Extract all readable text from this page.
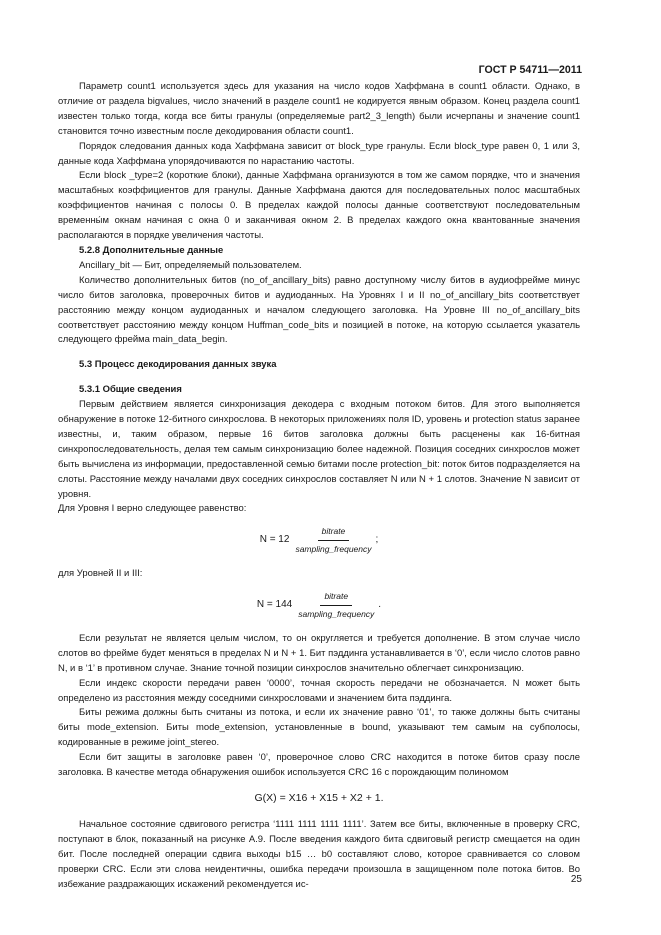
ГОСТ Р 54711—2011

Параметр count1 используется здесь для указания на число кодов Хаффмана в count1 области. Однако, в отличие от раздела bigvalues, число значений в разделе count1 не кодируется явным образом. Конец раздела count1 известен только тогда, когда все биты гранулы (определяемые part2_3_length) были исчерпаны и значение count1 становится точно известным после декодирования области count1.

Порядок следования данных кода Хаффмана зависит от block_type гранулы. Если block_type равен 0, 1 или 3, данные кода Хаффмана упорядочиваются по нарастанию частоты.

Если block _type=2 (короткие блоки), данные Хаффмана организуются в том же самом порядке, что и значения масштабных коэффициентов для гранулы. Данные Хаффмана даются для последовательных полос масштабных коэффициентов начиная с полосы 0. В пределах каждой полосы данные соответствуют последовательным временны́м окнам начиная с окна 0 и заканчивая окном 2. В пределах каждого окна квантованные значения располагаются в порядке увеличения частоты.

5.2.8 Дополнительные данные

Ancillary_bit — Бит, определяемый пользователем.

Количество дополнительных битов (no_of_ancillary_bits) равно доступному числу битов в аудиофрейме минус число битов заголовка, проверочных битов и аудиоданных. На Уровнях I и II no_of_ancillary_bits соответствует расстоянию между концом аудиоданных и началом следующего заголовка. На Уровне III no_of_ancillary_bits соответствует расстоянию между концом Huffman_code_bits и позицией в потоке, на которую ссылается указатель следующего фрейма main_data_begin.

5.3 Процесс декодирования данных звука

5.3.1 Общие сведения

Первым действием является синхронизация декодера с входным потоком битов. Для этого выполняется обнаружение в потоке 12-битного синхрослова. В некоторых приложениях поля ID, уровень и protection status заранее известны, и, таким образом, первые 16 битов заголовка должны быть расценены как 16-битная синхропоследовательность, делая тем самым синхронизацию более надежной. Позиция соседних синхрослов может быть вычислена из информации, предоставленной семью битами после protection_bit: поток битов подразделяется на слоты. Расстояние между началами двух соседних синхрослов составляет N или N + 1 слотов. Значение N зависит от уровня.

Для Уровня I верно следующее равенство:

$N = 12 \frac{\text{bitrate}}{\text{sampling\_frequency}}$ ;

для Уровней II и III:

$N = 144 \frac{\text{bitrate}}{\text{sampling\_frequency}}$ .

Если результат не является целым числом, то он округляется и требуется дополнение. В этом случае число слотов во фрейме будет меняться в пределах N и N + 1. Бит пэддинга устанавливается в ‘0’, если число слотов равно N, и в ‘1’ в противном случае. Знание точной позиции синхрослов значительно облегчает синхронизацию.

Если индекс скорости передачи равен ‘0000’, точная скорость передачи не обозначается. N может быть определено из расстояния между соседними синхрословами и значением бита пэддинга.

Биты режима должны быть считаны из потока, и если их значение равно ‘01’, то также должны быть считаны биты mode_extension. Биты mode_extension, установленные в bound, указывают тем самым на субполосы, кодированные в режиме joint_stereo.

Если бит защиты в заголовке равен ‘0’, проверочное слово CRC находится в потоке битов сразу после заголовка. В качестве метода обнаружения ошибок используется CRC 16 с порождающим полиномом

G(X) = X16 + X15 + X2 + 1.

Начальное состояние сдвигового регистра ‘1111 1111 1111 1111’. Затем все биты, включенные в проверку CRC, поступают в блок, показанный на рисунке А.9. После введения каждого бита сдвиговый регистр смещается на один бит. После последней операции сдвига выходы b15 … b0 составляют слово, которое сравнивается со словом проверки CRC. Если эти слова неидентичны, ошибка передачи произошла в защищенном поле потока битов. Во избежание раздражающих искажений рекомендуется ис-	25
